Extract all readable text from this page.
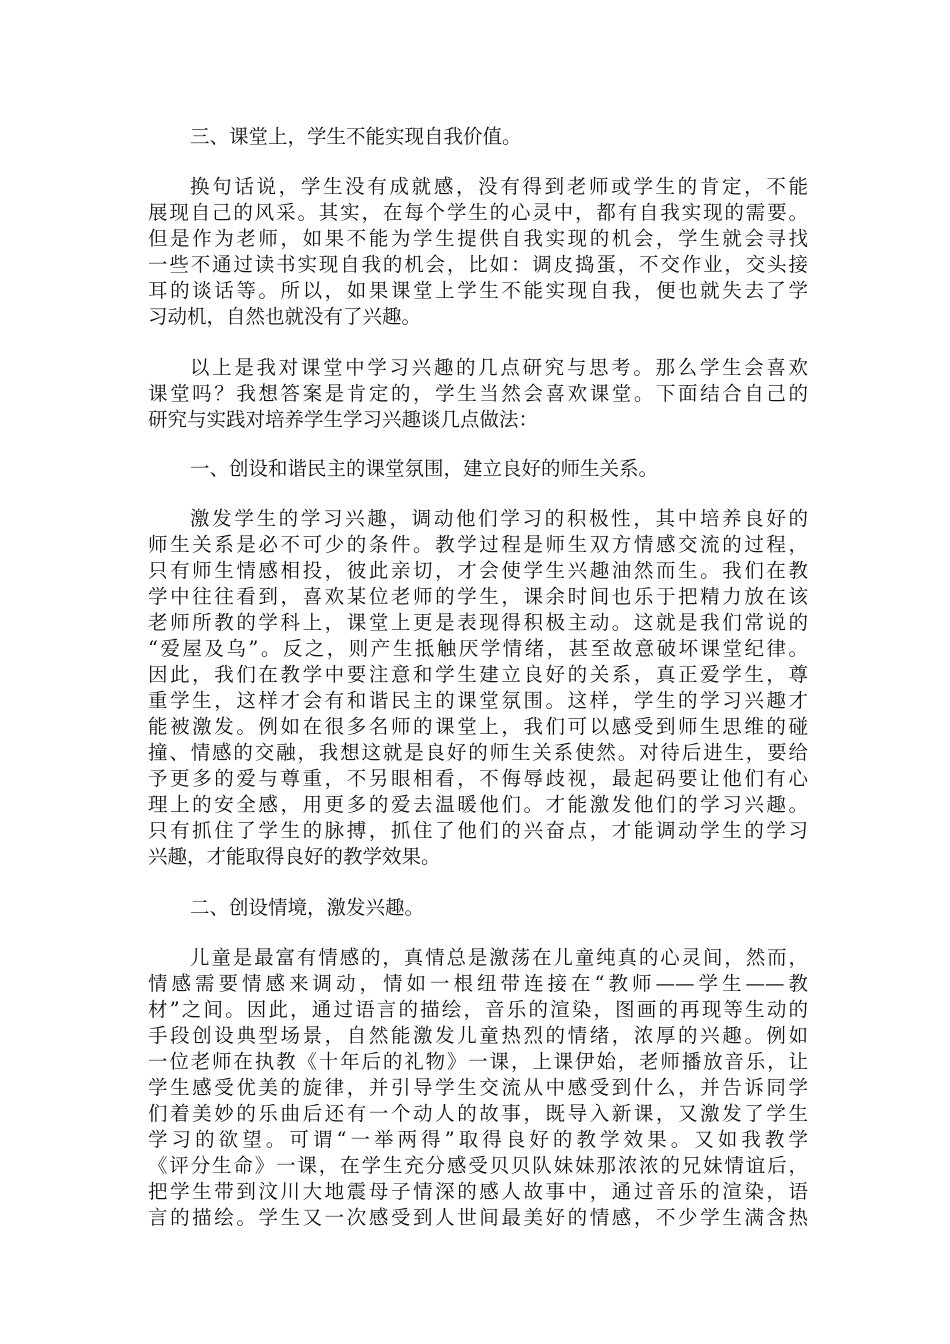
三、课堂上，学生不能实现自我价值。
换句话说，学生没有成就感，没有得到老师或学生的肯定，不能
展现自己的风采。其实，在每个学生的心灵中，都有自我实现的需要。
但是作为老师，如果不能为学生提供自我实现的机会，学生就会寻找
一些不通过读书实现自我的机会，比如：调皮捣蛋，不交作业，交头接
耳的谈话等。所以，如果课堂上学生不能实现自我，便也就失去了学
习动机，自然也就没有了兴趣。
以上是我对课堂中学习兴趣的几点研究与思考。那么学生会喜欢
课堂吗？我想答案是肯定的，学生当然会喜欢课堂。下面结合自己的
研究与实践对培养学生学习兴趣谈几点做法：
一、创设和谐民主的课堂氛围，建立良好的师生关系。
激发学生的学习兴趣，调动他们学习的积极性，其中培养良好的
师生关系是必不可少的条件。教学过程是师生双方情感交流的过程，
只有师生情感相投，彼此亲切，才会使学生兴趣油然而生。我们在教
学中往往看到，喜欢某位老师的学生，课余时间也乐于把精力放在该
老师所教的学科上，课堂上更是表现得积极主动。这就是我们常说的
“爱屋及乌”。反之，则产生抵触厌学情绪，甚至故意破坏课堂纪律。
因此，我们在教学中要注意和学生建立良好的关系，真正爱学生，尊
重学生，这样才会有和谐民主的课堂氛围。这样，学生的学习兴趣才
能被激发。例如在很多名师的课堂上，我们可以感受到师生思维的碰
撞、情感的交融，我想这就是良好的师生关系使然。对待后进生，要给
予更多的爱与尊重，不另眼相看，不侮辱歧视，最起码要让他们有心
理上的安全感，用更多的爱去温暖他们。才能激发他们的学习兴趣。
只有抓住了学生的脉搏，抓住了他们的兴奋点，才能调动学生的学习
兴趣，才能取得良好的教学效果。
二、创设情境，激发兴趣。
儿童是最富有情感的，真情总是激荡在儿童纯真的心灵间，然而，
情感需要情感来调动，情如一根纽带连接在“教师——学生——教
材”之间。因此，通过语言的描绘，音乐的渲染，图画的再现等生动的
手段创设典型场景，自然能激发儿童热烈的情绪，浓厚的兴趣。例如
一位老师在执教《十年后的礼物》一课，上课伊始，老师播放音乐，让
学生感受优美的旋律，并引导学生交流从中感受到什么，并告诉同学
们着美妙的乐曲后还有一个动人的故事，既导入新课，又激发了学生
学习的欲望。可谓“一举两得”取得良好的教学效果。又如我教学
《评分生命》一课，在学生充分感受贝贝队妹妹那浓浓的兄妹情谊后，
把学生带到汶川大地震母子情深的感人故事中，通过音乐的渲染，语
言的描绘。学生又一次感受到人世间最美好的情感，不少学生满含热
